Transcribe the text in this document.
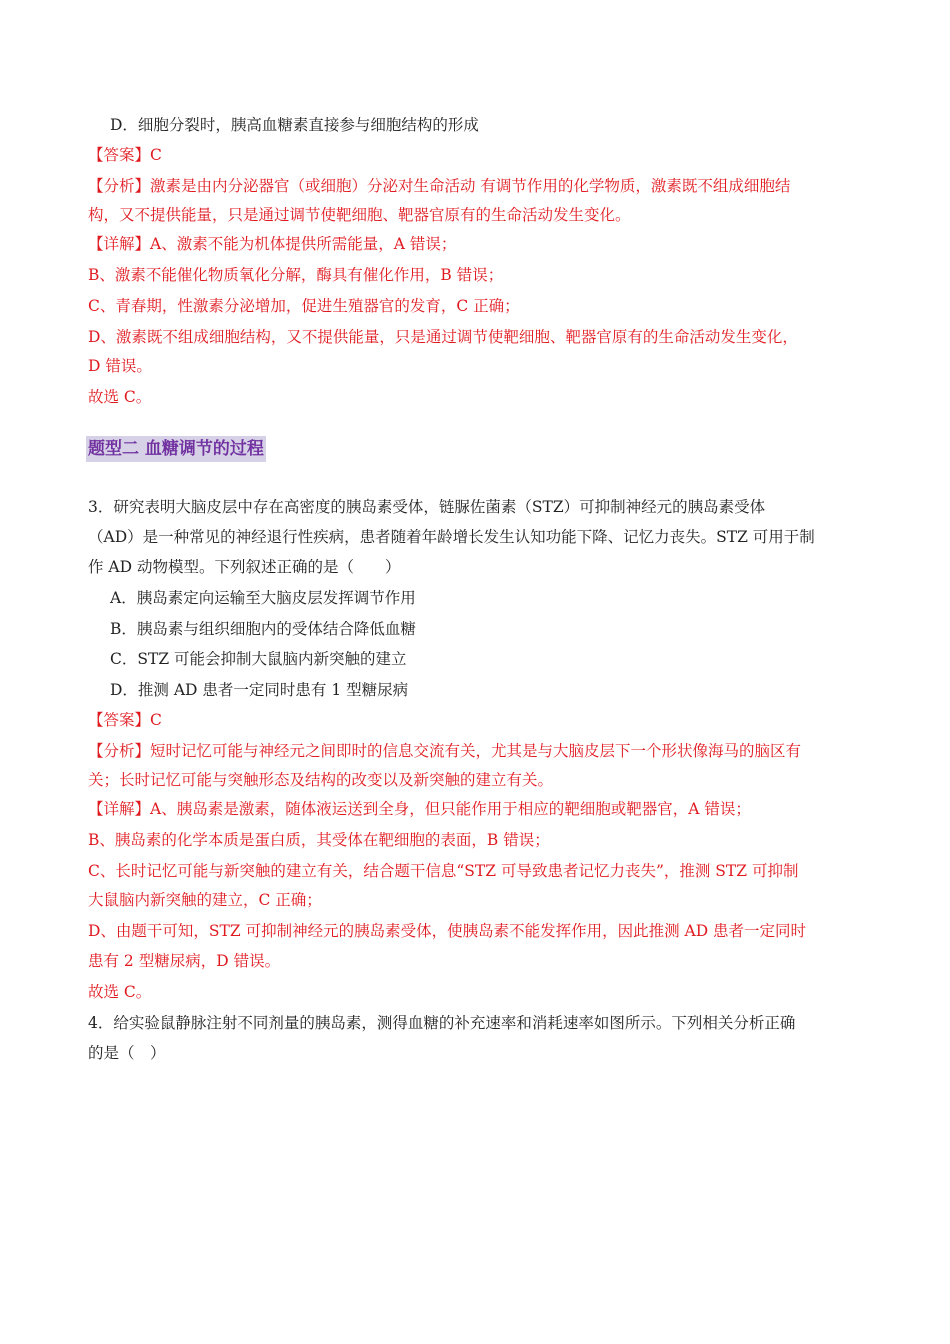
D．细胞分裂时，胰高血糖素直接参与细胞结构的形成
【答案】C
【分析】激素是由内分泌器官（或细胞）分泌对生命活动 有调节作用的化学物质，激素既不组成细胞结
构，又不提供能量，只是通过调节使靶细胞、靶器官原有的生命活动发生变化。
【详解】A、激素不能为机体提供所需能量，A 错误；
B、激素不能催化物质氧化分解，酶具有催化作用，B 错误；
C、青春期，性激素分泌增加，促进生殖器官的发育，C 正确；
D、激素既不组成细胞结构，又不提供能量，只是通过调节使靶细胞、靶器官原有的生命活动发生变化，
D 错误。
故选 C。
题型二 血糖调节的过程
3．研究表明大脑皮层中存在高密度的胰岛素受体，链脲佐菌素（STZ）可抑制神经元的胰岛素受体
（AD）是一种常见的神经退行性疾病，患者随着年龄增长发生认知功能下降、记忆力丧失。STZ 可用于制
作 AD 动物模型。下列叙述正确的是（　　）
A．胰岛素定向运输至大脑皮层发挥调节作用
B．胰岛素与组织细胞内的受体结合降低血糖
C．STZ 可能会抑制大鼠脑内新突触的建立
D．推测 AD 患者一定同时患有 1 型糖尿病
【答案】C
【分析】短时记忆可能与神经元之间即时的信息交流有关，尤其是与大脑皮层下一个形状像海马的脑区有
关；长时记忆可能与突触形态及结构的改变以及新突触的建立有关。
【详解】A、胰岛素是激素，随体液运送到全身，但只能作用于相应的靶细胞或靶器官，A 错误；
B、胰岛素的化学本质是蛋白质，其受体在靶细胞的表面，B 错误；
C、长时记忆可能与新突触的建立有关，结合题干信息“STZ 可导致患者记忆力丧失”，推测 STZ 可抑制
大鼠脑内新突触的建立，C 正确；
D、由题干可知，STZ 可抑制神经元的胰岛素受体，使胰岛素不能发挥作用，因此推测 AD 患者一定同时
患有 2 型糖尿病，D 错误。
故选 C。
4．给实验鼠静脉注射不同剂量的胰岛素，测得血糖的补充速率和消耗速率如图所示。下列相关分析正确
的是（　）
